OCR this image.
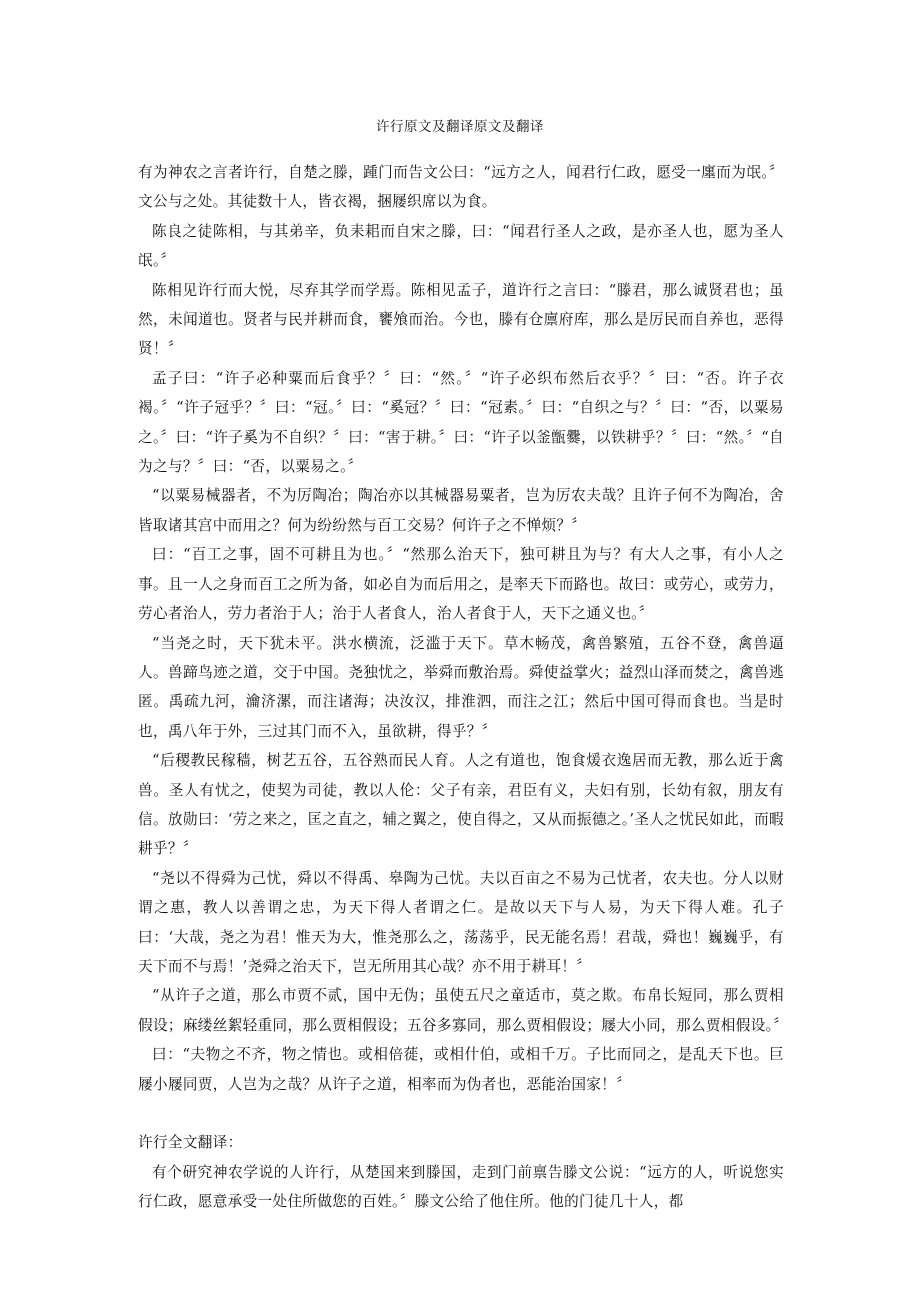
许行原文及翻译原文及翻译

有为神农之言者许行，自楚之滕，踵门而告文公曰：“远方之人，闻君行仁政，愿受一廛而为氓。〞文公与之处。其徒数十人，皆衣褐，捆屦织席以为食。

陈良之徒陈相，与其弟辛，负耒耜而自宋之滕，曰：“闻君行圣人之政，是亦圣人也，愿为圣人氓。〞

陈相见许行而大悦，尽弃其学而学焉。陈相见孟子，道许行之言曰：“滕君，那么诚贤君也；虽然，未闻道也。贤者与民并耕而食，饔飧而治。今也，滕有仓廪府库，那么是厉民而自养也，恶得贤！〞

孟子曰：“许子必种粟而后食乎？〞曰：“然。〞“许子必织布然后衣乎？〞曰：“否。许子衣褐。〞“许子冠乎？〞曰：“冠。〞曰：“奚冠？〞曰：“冠素。〞曰：“自织之与？〞曰：“否，以粟易之。〞曰：“许子奚为不自织？〞曰：“害于耕。〞曰：“许子以釜甑爨，以铁耕乎？〞曰：“然。〞“自为之与？〞曰：“否，以粟易之。〞

“以粟易械器者，不为厉陶冶；陶冶亦以其械器易粟者，岂为厉农夫哉？且许子何不为陶冶，舍皆取诸其宫中而用之？何为纷纷然与百工交易？何许子之不惮烦？〞

曰：“百工之事，固不可耕且为也。〞“然那么治天下，独可耕且为与？有大人之事，有小人之事。且一人之身而百工之所为备，如必自为而后用之，是率天下而路也。故曰：或劳心，或劳力，劳心者治人，劳力者治于人；治于人者食人，治人者食于人，天下之通义也。〞

“当尧之时，天下犹未平。洪水横流，泛滥于天下。草木畅茂，禽兽繁殖，五谷不登，禽兽逼人。兽蹄鸟迹之道，交于中国。尧独忧之，举舜而敷治焉。舜使益掌火；益烈山泽而焚之，禽兽逃匿。禹疏九河，瀹济漯，而注诸海；决汝汉，排淮泗，而注之江；然后中国可得而食也。当是时也，禹八年于外，三过其门而不入，虽欲耕，得乎？〞

“后稷教民稼穑，树艺五谷，五谷熟而民人育。人之有道也，饱食煖衣逸居而无教，那么近于禽兽。圣人有忧之，使契为司徒，教以人伦：父子有亲，君臣有义，夫妇有别，长幼有叙，朋友有信。放勋曰：‘劳之来之，匡之直之，辅之翼之，使自得之，又从而振德之。’圣人之忧民如此，而暇耕乎？〞

“尧以不得舜为己忧，舜以不得禹、皋陶为己忧。夫以百亩之不易为己忧者，农夫也。分人以财谓之惠，教人以善谓之忠，为天下得人者谓之仁。是故以天下与人易，为天下得人难。孔子曰：‘大哉，尧之为君！惟天为大，惟尧那么之，荡荡乎，民无能名焉！君哉，舜也！巍巍乎，有天下而不与焉！’尧舜之治天下，岂无所用其心哉？亦不用于耕耳！〞

“从许子之道，那么市贾不贰，国中无伪；虽使五尺之童适市，莫之欺。布帛长短同，那么贾相假设；麻缕丝絮轻重同，那么贾相假设；五谷多寡同，那么贾相假设；屦大小同，那么贾相假设。〞

曰：“夫物之不齐，物之情也。或相倍蓰，或相什伯，或相千万。子比而同之，是乱天下也。巨屦小屦同贾，人岂为之哉？从许子之道，相率而为伪者也，恶能治国家！〞

许行全文翻译：

有个研究神农学说的人许行，从楚国来到滕国，走到门前禀告滕文公说：“远方的人，听说您实行仁政，愿意承受一处住所做您的百姓。〞滕文公给了他住所。他的门徒几十人，都
